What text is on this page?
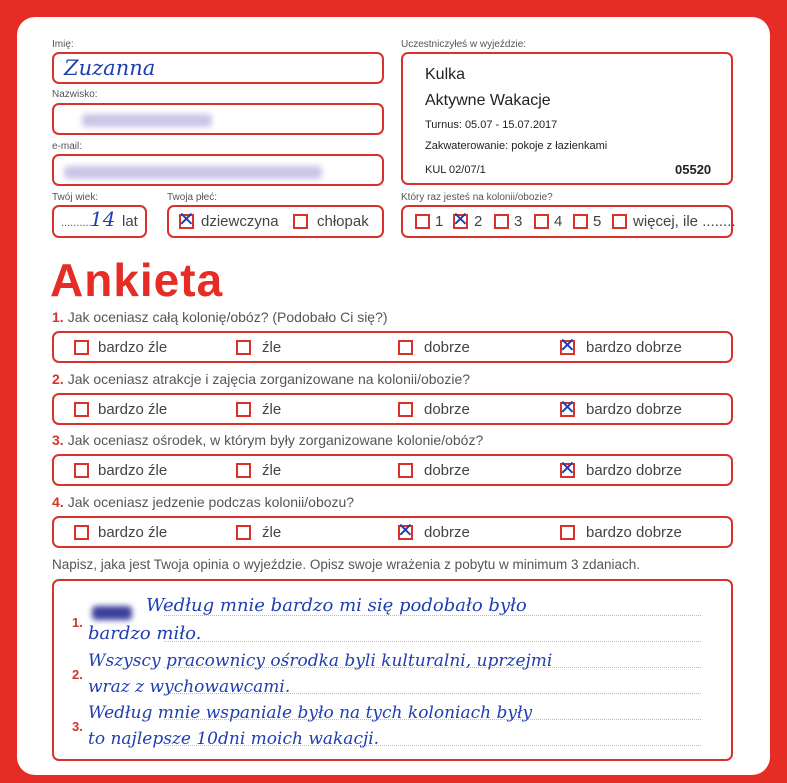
Imię:
Zuzanna
Nazwisko:
e-mail:
Twój wiek:
..........
14 lat
Twoja płeć:
✕ dziewczyna	chłopak
Uczestniczyłeś w wyjeździe:
Kulka
Aktywne Wakacje
Turnus: 05.07 - 15.07.2017
Zakwaterowanie: pokoje z łazienkami
KUL 02/07/1	05520
Który raz jesteś na kolonii/obozie?
1 ✕ 2 3 4 5 więcej, ile ........
Ankieta
1. Jak oceniasz całą kolonię/obóz? (Podobało Ci się?)
bardzo źle	źle	dobrze	✕ bardzo dobrze
2. Jak oceniasz atrakcje i zajęcia zorganizowane na kolonii/obozie?
bardzo źle	źle	dobrze	✕ bardzo dobrze
3. Jak oceniasz ośrodek, w którym były zorganizowane kolonie/obóz?
bardzo źle	źle	dobrze	✕ bardzo dobrze
4. Jak oceniasz jedzenie podczas kolonii/obozu?
bardzo źle	źle	✕ dobrze	bardzo dobrze
Napisz, jaka jest Twoja opinia o wyjeździe. Opisz swoje wrażenia z pobytu w minimum 3 zdaniach.
1.
2.
3.
Według mnie bardzo mi się podobało było
bardzo miło.
Wszyscy pracownicy ośrodka byli kulturalni, uprzejmi
wraz z wychowawcami.
Według mnie wspaniale było na tych koloniach były
to najlepsze 10dni moich wakacji.
